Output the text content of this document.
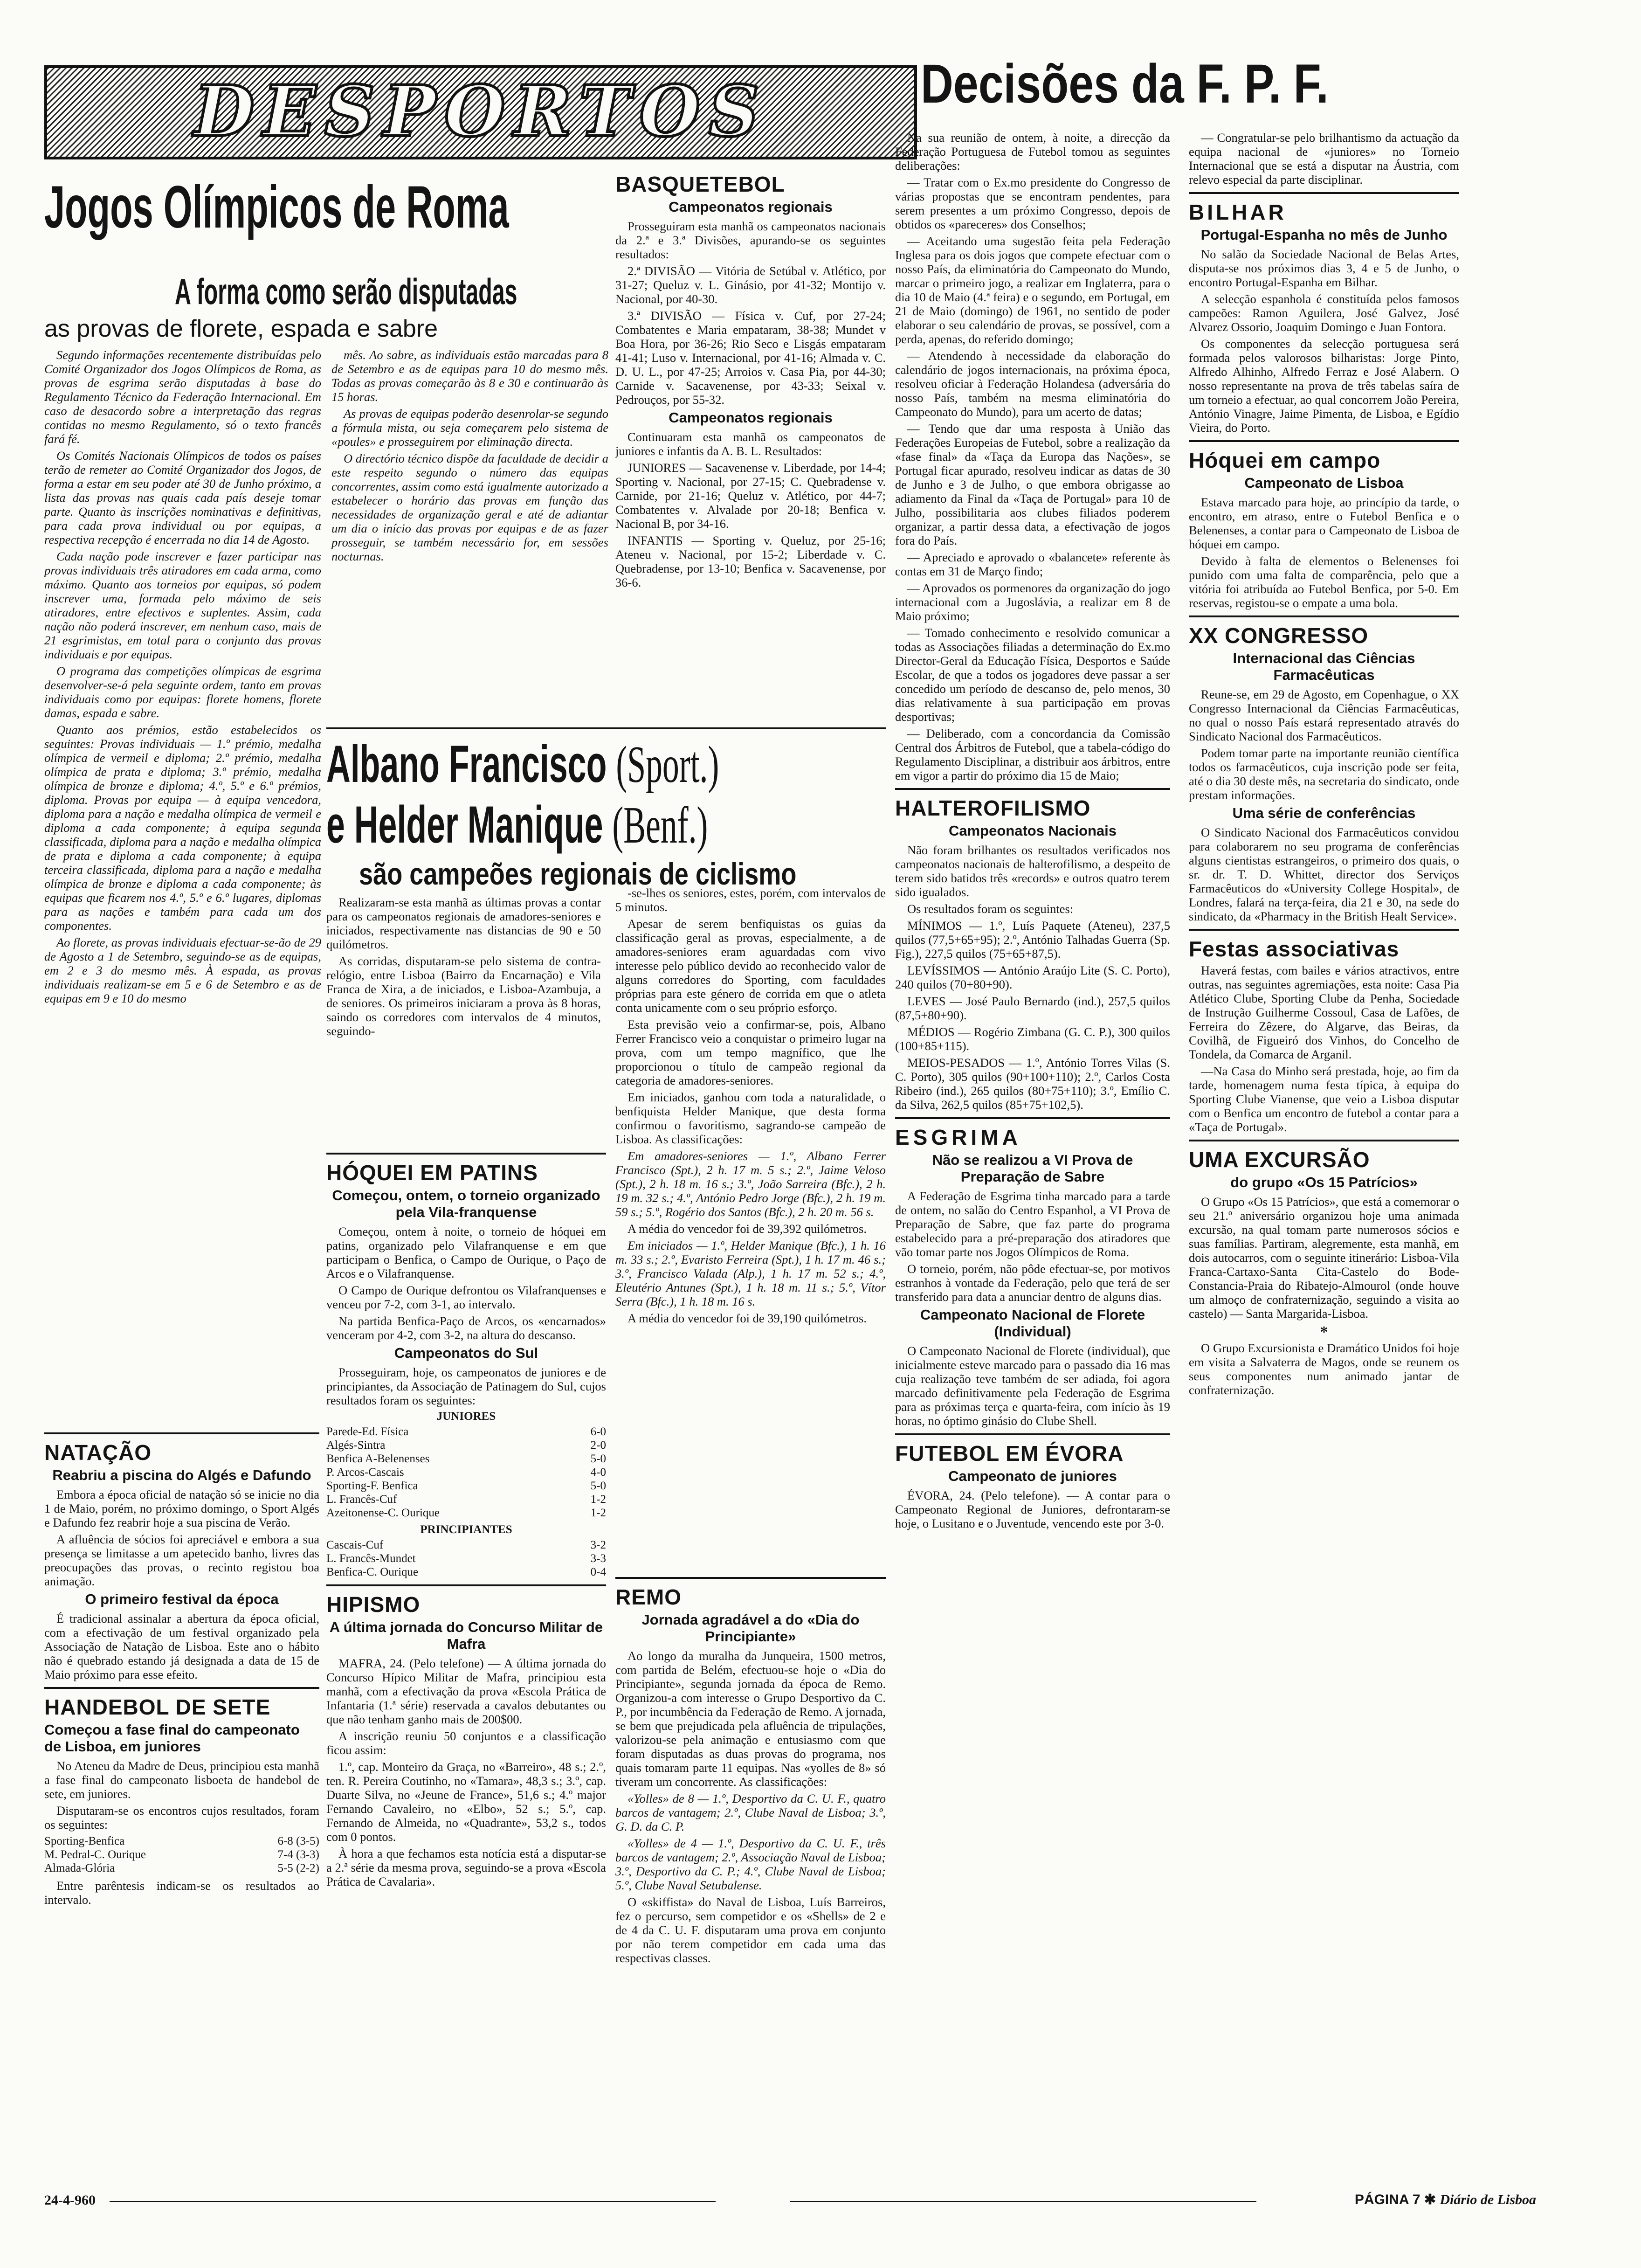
DESPORTOS	Decisões da F. P. F.
Jogos Olímpicos de Roma
A forma como serão disputadas
as provas de florete, espada e sabre

Segundo informações recentemente distribuídas pelo Comité Organizador dos Jogos Olímpicos de Roma, as provas de esgrima serão disputadas à base do Regulamento Técnico da Federação Internacional. Em caso de desacordo sobre a interpretação das regras contidas no mesmo Regulamento, só o texto francês fará fé.

Os Comités Nacionais Olímpicos de todos os países terão de remeter ao Comité Organizador dos Jogos, de forma a estar em seu poder até 30 de Junho próximo, a lista das provas nas quais cada país deseje tomar parte. Quanto às inscrições nominativas e definitivas, para cada prova individual ou por equipas, a respectiva recepção é encerrada no dia 14 de Agosto.

Cada nação pode inscrever e fazer participar nas provas individuais três atiradores em cada arma, como máximo. Quanto aos torneios por equipas, só podem inscrever uma, formada pelo máximo de seis atiradores, entre efectivos e suplentes. Assim, cada nação não poderá inscrever, em nenhum caso, mais de 21 esgrimistas, em total para o conjunto das provas individuais e por equipas.

O programa das competições olímpicas de esgrima desenvolver-se-á pela seguinte ordem, tanto em provas individuais como por equipas: florete homens, florete damas, espada e sabre.

Quanto aos prémios, estão estabelecidos os seguintes: Provas individuais — 1.º prémio, medalha olímpica de vermeil e diploma; 2.º prémio, medalha olímpica de prata e diploma; 3.º prémio, medalha olímpica de bronze e diploma; 4.º, 5.º e 6.º prémios, diploma. Provas por equipa — à equipa vencedora, diploma para a nação e medalha olímpica de vermeil e diploma a cada componente; à equipa segunda classificada, diploma para a nação e medalha olímpica de prata e diploma a cada componente; à equipa terceira classificada, diploma para a nação e medalha olímpica de bronze e diploma a cada componente; às equipas que ficarem nos 4.º, 5.º e 6.º lugares, diplomas para as nações e também para cada um dos componentes.

Ao florete, as provas individuais efectuar-se-ão de 29 de Agosto a 1 de Setembro, seguindo-se as de equipas, em 2 e 3 do mesmo mês. À espada, as provas individuais realizam-se em 5 e 6 de Setembro e as de equipas em 9 e 10 do mesmo

mês. Ao sabre, as individuais estão marcadas para 8 de Setembro e as de equipas para 10 do mesmo mês. Todas as provas começarão às 8 e 30 e continuarão às 15 horas.

As provas de equipas poderão desenrolar-se segundo a fórmula mista, ou seja começarem pelo sistema de «poules» e prosseguirem por eliminação directa.

O directório técnico dispõe da faculdade de decidir a este respeito segundo o número das equipas concorrentes, assim como está igualmente autorizado a estabelecer o horário das provas em função das necessidades de organização geral e até de adiantar um dia o início das provas por equipas e de as fazer prosseguir, se também necessário for, em sessões nocturnas.

NATAÇÃO
Reabriu a piscina do Algés e Dafundo

Embora a época oficial de natação só se inicie no dia 1 de Maio, porém, no próximo domingo, o Sport Algés e Dafundo fez reabrir hoje a sua piscina de Verão.

A afluência de sócios foi apreciável e embora a sua presença se limitasse a um apetecido banho, livres das preocupações das provas, o recinto registou boa animação.

O primeiro festival da época

É tradicional assinalar a abertura da época oficial, com a efectivação de um festival organizado pela Associação de Natação de Lisboa. Este ano o hábito não é quebrado estando já designada a data de 15 de Maio próximo para esse efeito.

HANDEBOL DE SETE
Começou a fase final do campeonato de Lisboa, em juniores

No Ateneu da Madre de Deus, principiou esta manhã a fase final do campeonato lisboeta de handebol de sete, em juniores.

Disputaram-se os encontros cujos resultados, foram os seguintes:

Sporting-Benfica	6-8 (3-5)
M. Pedral-C. Ourique	7-4 (3-3)
Almada-Glória	5-5 (2-2)

Entre parêntesis indicam-se os resultados ao intervalo.

HÓQUEI EM PATINS
Começou, ontem, o torneio organizado pela Vila-franquense

Começou, ontem à noite, o torneio de hóquei em patins, organizado pelo Vilafranquense e em que participam o Benfica, o Campo de Ourique, o Paço de Arcos e o Vilafranquense.

O Campo de Ourique defrontou os Vilafranquenses e venceu por 7-2, com 3-1, ao intervalo.

Na partida Benfica-Paço de Arcos, os «encarnados» venceram por 4-2, com 3-2, na altura do descanso.

Campeonatos do Sul

Prosseguiram, hoje, os campeonatos de juniores e de principiantes, da Associação de Patinagem do Sul, cujos resultados foram os seguintes:

JUNIORES
Parede-Ed. Física	6-0
Algés-Sintra	2-0
Benfica A-Belenenses	5-0
P. Arcos-Cascais	4-0
Sporting-F. Benfica	5-0
L. Francês-Cuf	1-2
Azeitonense-C. Ourique	1-2
PRINCIPIANTES
Cascais-Cuf	3-2
L. Francês-Mundet	3-3
Benfica-C. Ourique	0-4
HIPISMO
A última jornada do Concurso Militar de Mafra

MAFRA, 24. (Pelo telefone) — A última jornada do Concurso Hípico Militar de Mafra, principiou esta manhã, com a efectivação da prova «Escola Prática de Infantaria (1.ª série) reservada a cavalos debutantes ou que não tenham ganho mais de 200$00.

A inscrição reuniu 50 conjuntos e a classificação ficou assim:

1.º, cap. Monteiro da Graça, no «Barreiro», 48 s.; 2.º, ten. R. Pereira Coutinho, no «Tamara», 48,3 s.; 3.º, cap. Duarte Silva, no «Jeune de France», 51,6 s.; 4.º major Fernando Cavaleiro, no «Elbo», 52 s.; 5.º, cap. Fernando de Almeida, no «Quadrante», 53,2 s., todos com 0 pontos.

À hora a que fechamos esta notícia está a disputar-se a 2.ª série da mesma prova, seguindo-se a prova «Escola Prática de Cavalaria».

BASQUETEBOL
Campeonatos regionais

Prosseguiram esta manhã os campeonatos nacionais da 2.ª e 3.ª Divisões, apurando-se os seguintes resultados:

2.ª DIVISÃO — Vitória de Setúbal v. Atlético, por 31-27; Queluz v. L. Ginásio, por 41-32; Montijo v. Nacional, por 40-30.

3.ª DIVISÃO — Física v. Cuf, por 27-24; Combatentes e Maria empataram, 38-38; Mundet v Boa Hora, por 36-26; Rio Seco e Lisgás empataram 41-41; Luso v. Internacional, por 41-16; Almada v. C. D. U. L., por 47-25; Arroios v. Casa Pia, por 44-30; Carnide v. Sacavenense, por 43-33; Seixal v. Pedrouços, por 55-32.

Campeonatos regionais

Continuaram esta manhã os campeonatos de juniores e infantis da A. B. L. Resultados:

JUNIORES — Sacavenense v. Liberdade, por 14-4; Sporting v. Nacional, por 27-15; C. Quebradense v. Carnide, por 21-16; Queluz v. Atlético, por 44-7; Combatentes v. Alvalade por 20-18; Benfica v. Nacional B, por 34-16.

INFANTIS — Sporting v. Queluz, por 25-16; Ateneu v. Nacional, por 15-2; Liberdade v. C. Quebradense, por 13-10; Benfica v. Sacavenense, por 36-6.

Albano Francisco (Sport.)
e Helder Manique (Benf.)
são campeões regionais de ciclismo

Realizaram-se esta manhã as últimas provas a contar para os campeonatos regionais de amadores-seniores e iniciados, respectivamente nas distancias de 90 e 50 quilómetros.

As corridas, disputaram-se pelo sistema de contra-relógio, entre Lisboa (Bairro da Encarnação) e Vila Franca de Xira, a de iniciados, e Lisboa-Azambuja, a de seniores. Os primeiros iniciaram a prova às 8 horas, saindo os corredores com intervalos de 4 minutos, seguindo-

-se-lhes os seniores, estes, porém, com intervalos de 5 minutos.

Apesar de serem benfiquistas os guias da classificação geral as provas, especialmente, a de amadores-seniores eram aguardadas com vivo interesse pelo público devido ao reconhecido valor de alguns corredores do Sporting, com faculdades próprias para este género de corrida em que o atleta conta unicamente com o seu próprio esforço.

Esta previsão veio a confirmar-se, pois, Albano Ferrer Francisco veio a conquistar o primeiro lugar na prova, com um tempo magnífico, que lhe proporcionou o título de campeão regional da categoria de amadores-seniores.

Em iniciados, ganhou com toda a naturalidade, o benfiquista Helder Manique, que desta forma confirmou o favoritismo, sagrando-se campeão de Lisboa. As classificações:

Em amadores-seniores — 1.º, Albano Ferrer Francisco (Spt.), 2 h. 17 m. 5 s.; 2.º, Jaime Veloso (Spt.), 2 h. 18 m. 16 s.; 3.º, João Sarreira (Bfc.), 2 h. 19 m. 32 s.; 4.º, António Pedro Jorge (Bfc.), 2 h. 19 m. 59 s.; 5.º, Rogério dos Santos (Bfc.), 2 h. 20 m. 56 s.

A média do vencedor foi de 39,392 quilómetros.

Em iniciados — 1.º, Helder Manique (Bfc.), 1 h. 16 m. 33 s.; 2.º, Evaristo Ferreira (Spt.), 1 h. 17 m. 46 s.; 3.º, Francisco Valada (Alp.), 1 h. 17 m. 52 s.; 4.º, Eleutério Antunes (Spt.), 1 h. 18 m. 11 s.; 5.º, Vítor Serra (Bfc.), 1 h. 18 m. 16 s.

A média do vencedor foi de 39,190 quilómetros.

REMO
Jornada agradável a do «Dia do Principiante»

Ao longo da muralha da Junqueira, 1500 metros, com partida de Belém, efectuou-se hoje o «Dia do Principiante», segunda jornada da época de Remo. Organizou-a com interesse o Grupo Desportivo da C. P., por incumbência da Federação de Remo. A jornada, se bem que prejudicada pela afluência de tripulações, valorizou-se pela animação e entusiasmo com que foram disputadas as duas provas do programa, nos quais tomaram parte 11 equipas. Nas «yolles de 8» só tiveram um concorrente. As classificações:

«Yolles» de 8 — 1.º, Desportivo da C. U. F., quatro barcos de vantagem; 2.º, Clube Naval de Lisboa; 3.º, G. D. da C. P.

«Yolles» de 4 — 1.º, Desportivo da C. U. F., três barcos de vantagem; 2.º, Associação Naval de Lisboa; 3.º, Desportivo da C. P.; 4.º, Clube Naval de Lisboa; 5.º, Clube Naval Setubalense.

O «skiffista» do Naval de Lisboa, Luís Barreiros, fez o percurso, sem competidor e os «Shells» de 2 e de 4 da C. U. F. disputaram uma prova em conjunto por não terem competidor em cada uma das respectivas classes.

Na sua reunião de ontem, à noite, a direcção da Federação Portuguesa de Futebol tomou as seguintes deliberações:

— Tratar com o Ex.mo presidente do Congresso de várias propostas que se encontram pendentes, para serem presentes a um próximo Congresso, depois de obtidos os «pareceres» dos Conselhos;

— Aceitando uma sugestão feita pela Federação Inglesa para os dois jogos que compete efectuar com o nosso País, da eliminatória do Campeonato do Mundo, marcar o primeiro jogo, a realizar em Inglaterra, para o dia 10 de Maio (4.ª feira) e o segundo, em Portugal, em 21 de Maio (domingo) de 1961, no sentido de poder elaborar o seu calendário de provas, se possível, com a perda, apenas, do referido domingo;

— Atendendo à necessidade da elaboração do calendário de jogos internacionais, na próxima época, resolveu oficiar à Federação Holandesa (adversária do nosso País, também na mesma eliminatória do Campeonato do Mundo), para um acerto de datas;

— Tendo que dar uma resposta à União das Federações Europeias de Futebol, sobre a realização da «fase final» da «Taça da Europa das Nações», se Portugal ficar apurado, resolveu indicar as datas de 30 de Junho e 3 de Julho, o que embora obrigasse ao adiamento da Final da «Taça de Portugal» para 10 de Julho, possibilitaria aos clubes filiados poderem organizar, a partir dessa data, a efectivação de jogos fora do País.

— Apreciado e aprovado o «balancete» referente às contas em 31 de Março findo;

— Aprovados os pormenores da organização do jogo internacional com a Jugoslávia, a realizar em 8 de Maio próximo;

— Tomado conhecimento e resolvido comunicar a todas as Associações filiadas a determinação do Ex.mo Director-Geral da Educação Física, Desportos e Saúde Escolar, de que a todos os jogadores deve passar a ser concedido um período de descanso de, pelo menos, 30 dias relativamente à sua participação em provas desportivas;

— Deliberado, com a concordancia da Comissão Central dos Árbitros de Futebol, que a tabela-código do Regulamento Disciplinar, a distribuir aos árbitros, entre em vigor a partir do próximo dia 15 de Maio;

HALTEROFILISMO
Campeonatos Nacionais

Não foram brilhantes os resultados verificados nos campeonatos nacionais de halterofilismo, a despeito de terem sido batidos três «records» e outros quatro terem sido igualados.

Os resultados foram os seguintes:

MÍNIMOS — 1.º, Luís Paquete (Ateneu), 237,5 quilos (77,5+65+95); 2.º, António Talhadas Guerra (Sp. Fig.), 227,5 quilos (75+65+87,5).

LEVÍSSIMOS — António Araújo Lite (S. C. Porto), 240 quilos (70+80+90).

LEVES — José Paulo Bernardo (ind.), 257,5 quilos (87,5+80+90).

MÉDIOS — Rogério Zimbana (G. C. P.), 300 quilos (100+85+115).

MEIOS-PESADOS — 1.º, António Torres Vilas (S. C. Porto), 305 quilos (90+100+110); 2.º, Carlos Costa Ribeiro (ind.), 265 quilos (80+75+110); 3.º, Emílio C. da Silva, 262,5 quilos (85+75+102,5).

ESGRIMA
Não se realizou a VI Prova de Preparação de Sabre

A Federação de Esgrima tinha marcado para a tarde de ontem, no salão do Centro Espanhol, a VI Prova de Preparação de Sabre, que faz parte do programa estabelecido para a pré-preparação dos atiradores que vão tomar parte nos Jogos Olímpicos de Roma.

O torneio, porém, não pôde efectuar-se, por motivos estranhos à vontade da Federação, pelo que terá de ser transferido para data a anunciar dentro de alguns dias.

Campeonato Nacional de Florete (Individual)

O Campeonato Nacional de Florete (individual), que inicialmente esteve marcado para o passado dia 16 mas cuja realização teve também de ser adiada, foi agora marcado definitivamente pela Federação de Esgrima para as próximas terça e quarta-feira, com início às 19 horas, no óptimo ginásio do Clube Shell.

FUTEBOL EM ÉVORA
Campeonato de juniores

ÉVORA, 24. (Pelo telefone). — A contar para o Campeonato Regional de Juniores, defrontaram-se hoje, o Lusitano e o Juventude, vencendo este por 3-0.

— Congratular-se pelo brilhantismo da actuação da equipa nacional de «juniores» no Torneio Internacional que se está a disputar na Áustria, com relevo especial da parte disciplinar.

BILHAR
Portugal-Espanha no mês de Junho

No salão da Sociedade Nacional de Belas Artes, disputa-se nos próximos dias 3, 4 e 5 de Junho, o encontro Portugal-Espanha em Bilhar.

A selecção espanhola é constituída pelos famosos campeões: Ramon Aguilera, José Galvez, José Alvarez Ossorio, Joaquim Domingo e Juan Fontora.

Os componentes da selecção portuguesa será formada pelos valorosos bilharistas: Jorge Pinto, Alfredo Alhinho, Alfredo Ferraz e José Alabern. O nosso representante na prova de três tabelas saíra de um torneio a efectuar, ao qual concorrem João Pereira, António Vinagre, Jaime Pimenta, de Lisboa, e Egídio Vieira, do Porto.

Hóquei em campo
Campeonato de Lisboa

Estava marcado para hoje, ao princípio da tarde, o encontro, em atraso, entre o Futebol Benfica e o Belenenses, a contar para o Campeonato de Lisboa de hóquei em campo.

Devido à falta de elementos o Belenenses foi punido com uma falta de comparência, pelo que a vitória foi atribuída ao Futebol Benfica, por 5-0. Em reservas, registou-se o empate a uma bola.

XX CONGRESSO
Internacional das Ciências Farmacêuticas

Reune-se, em 29 de Agosto, em Copenhague, o XX Congresso Internacional da Ciências Farmacêuticas, no qual o nosso País estará representado através do Sindicato Nacional dos Farmacêuticos.

Podem tomar parte na importante reunião científica todos os farmacêuticos, cuja inscrição pode ser feita, até o dia 30 deste mês, na secretaria do sindicato, onde prestam informações.

Uma série de conferências

O Sindicato Nacional dos Farmacêuticos convidou para colaborarem no seu programa de conferências alguns cientistas estrangeiros, o primeiro dos quais, o sr. dr. T. D. Whittet, director dos Serviços Farmacêuticos do «University College Hospital», de Londres, falará na terça-feira, dia 21 e 30, na sede do sindicato, da «Pharmacy in the British Healt Service».

Festas associativas

Haverá festas, com bailes e vários atractivos, entre outras, nas seguintes agremiações, esta noite: Casa Pia Atlético Clube, Sporting Clube da Penha, Sociedade de Instrução Guilherme Cossoul, Casa de Lafões, de Ferreira do Zêzere, do Algarve, das Beiras, da Covilhã, de Figueiró dos Vinhos, do Concelho de Tondela, da Comarca de Arganil.

—Na Casa do Minho será prestada, hoje, ao fim da tarde, homenagem numa festa típica, à equipa do Sporting Clube Vianense, que veio a Lisboa disputar com o Benfica um encontro de futebol a contar para a «Taça de Portugal».

UMA EXCURSÃO
do grupo «Os 15 Patrícios»

O Grupo «Os 15 Patrícios», que está a comemorar o seu 21.º aniversário organizou hoje uma animada excursão, na qual tomam parte numerosos sócios e suas famílias. Partiram, alegremente, esta manhã, em dois autocarros, com o seguinte itinerário: Lisboa-Vila Franca-Cartaxo-Santa Cita-Castelo do Bode-Constancia-Praia do Ribatejo-Almourol (onde houve um almoço de confraternização, seguindo a visita ao castelo) — Santa Margarida-Lisboa.

*

O Grupo Excursionista e Dramático Unidos foi hoje em visita a Salvaterra de Magos, onde se reunem os seus componentes num animado jantar de confraternização.

24-4-960	PÁGINA 7 ✱ Diário de Lisboa
